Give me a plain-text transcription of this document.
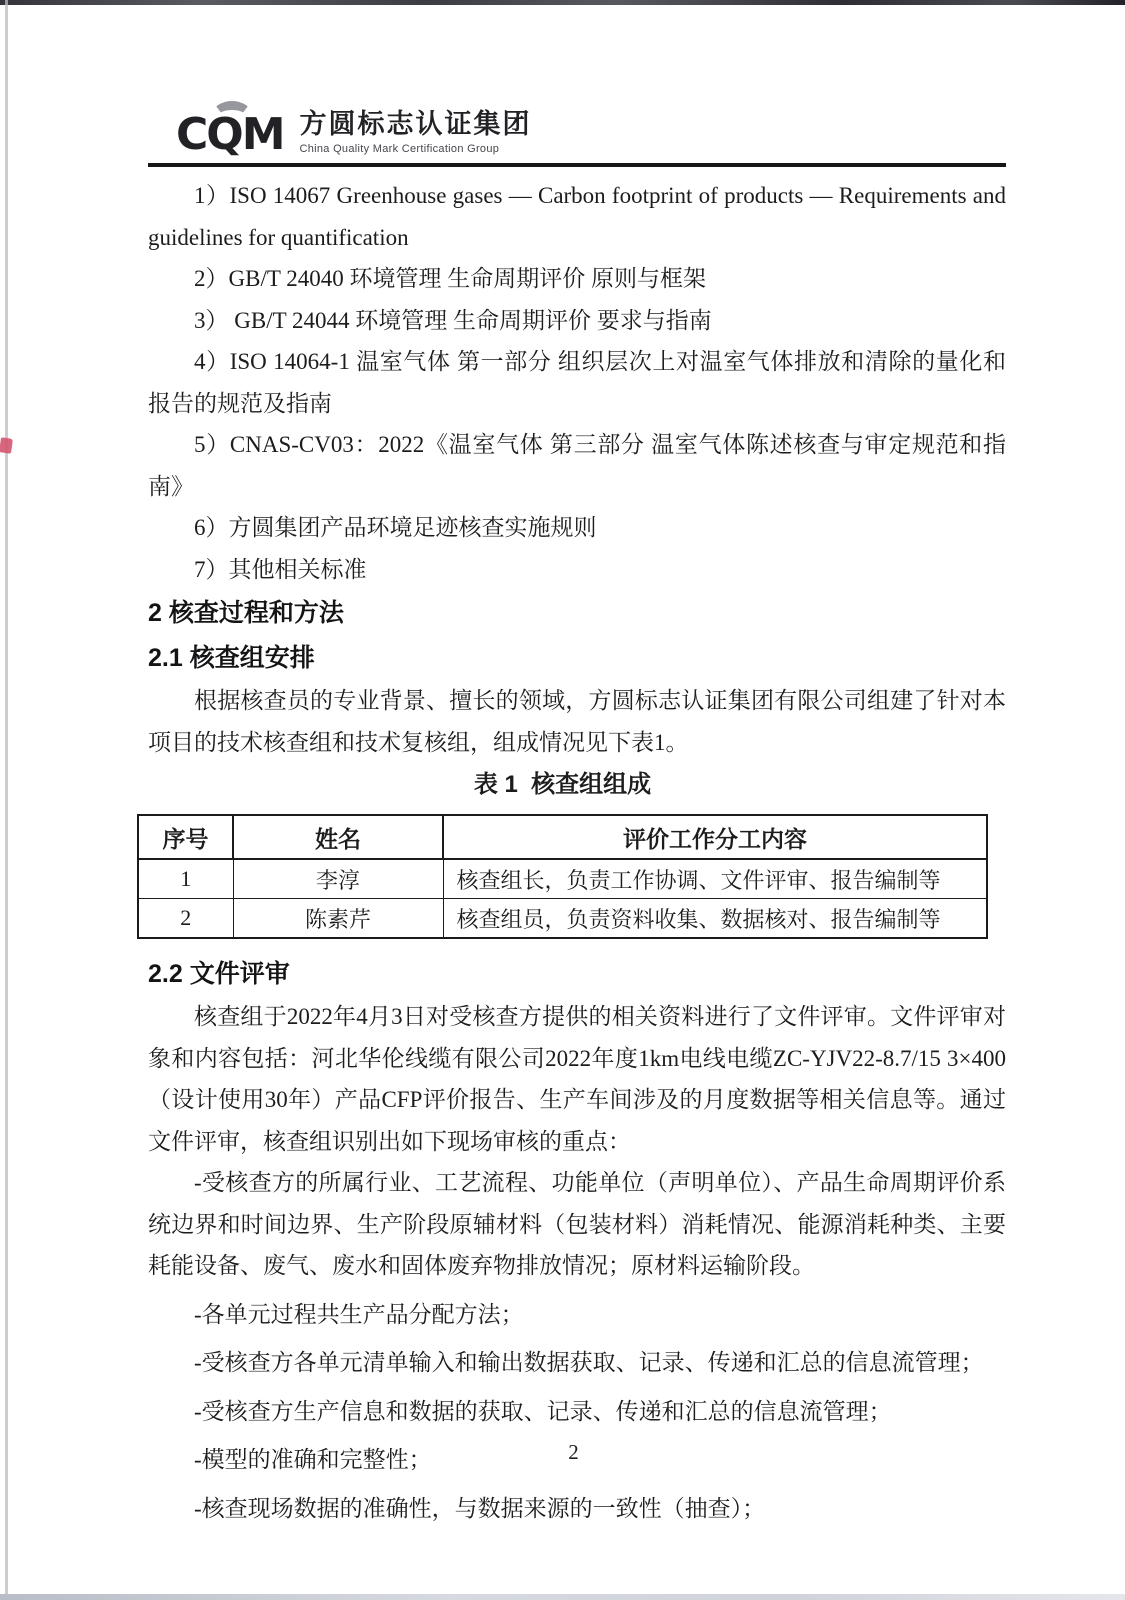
CQM 方圆标志认证集团
China Quality Mark Certification Group

1）ISO 14067 Greenhouse gases — Carbon footprint of products — Requirements and guidelines for quantification

2）GB/T 24040 环境管理 生命周期评价 原则与框架

3） GB/T 24044 环境管理 生命周期评价 要求与指南

4）ISO 14064-1 温室气体 第一部分 组织层次上对温室气体排放和清除的量化和报告的规范及指南

5）CNAS-CV03：2022《温室气体 第三部分 温室气体陈述核查与审定规范和指南》

6）方圆集团产品环境足迹核查实施规则

7）其他相关标准

2 核查过程和方法
2.1 核查组安排

根据核查员的专业背景、擅长的领域，方圆标志认证集团有限公司组建了针对本项目的技术核查组和技术复核组，组成情况见下表1。

表 1  核查组组成
序号	姓名	评价工作分工内容
1	李淳	核查组长，负责工作协调、文件评审、报告编制等
2	陈素芹	核查组员，负责资料收集、数据核对、报告编制等
2.2 文件评审

核查组于2022年4月3日对受核查方提供的相关资料进行了文件评审。文件评审对象和内容包括：河北华伦线缆有限公司2022年度1km电线电缆ZC-YJV22-8.7/15 3×400（设计使用30年）产品CFP评价报告、生产车间涉及的月度数据等相关信息等。通过文件评审，核查组识别出如下现场审核的重点：

-受核查方的所属行业、工艺流程、功能单位（声明单位）、产品生命周期评价系统边界和时间边界、生产阶段原辅材料（包装材料）消耗情况、能源消耗种类、主要耗能设备、废气、废水和固体废弃物排放情况；原材料运输阶段。

-各单元过程共生产品分配方法；

-受核查方各单元清单输入和输出数据获取、记录、传递和汇总的信息流管理；

-受核查方生产信息和数据的获取、记录、传递和汇总的信息流管理；

-模型的准确和完整性；

-核查现场数据的准确性，与数据来源的一致性（抽查）；

2
